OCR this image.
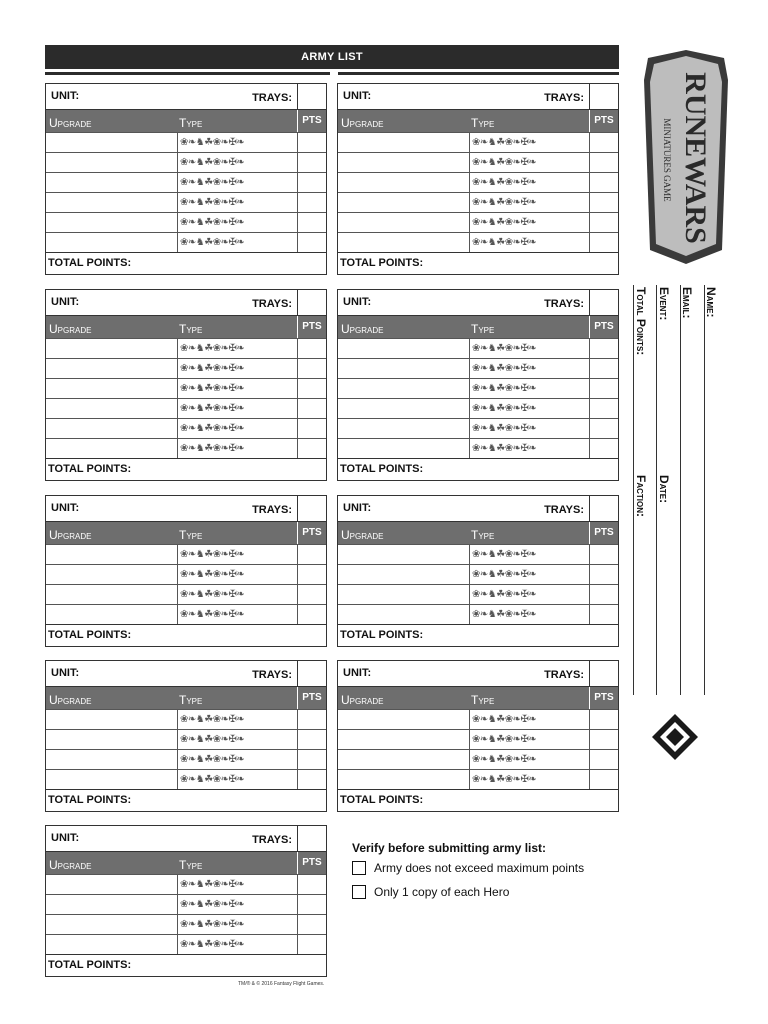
ARMY LIST
UNIT:	TRAYS:
Upgrade	Type	PTS
❀❧♞☘❀❧✠❧
❀❧♞☘❀❧✠❧
❀❧♞☘❀❧✠❧
❀❧♞☘❀❧✠❧
❀❧♞☘❀❧✠❧
❀❧♞☘❀❧✠❧
TOTAL POINTS:
UNIT:	TRAYS:
Upgrade	Type	PTS
❀❧♞☘❀❧✠❧
❀❧♞☘❀❧✠❧
❀❧♞☘❀❧✠❧
❀❧♞☘❀❧✠❧
❀❧♞☘❀❧✠❧
❀❧♞☘❀❧✠❧
TOTAL POINTS:
UNIT:	TRAYS:
Upgrade	Type	PTS
❀❧♞☘❀❧✠❧
❀❧♞☘❀❧✠❧
❀❧♞☘❀❧✠❧
❀❧♞☘❀❧✠❧
❀❧♞☘❀❧✠❧
❀❧♞☘❀❧✠❧
TOTAL POINTS:
UNIT:	TRAYS:
Upgrade	Type	PTS
❀❧♞☘❀❧✠❧
❀❧♞☘❀❧✠❧
❀❧♞☘❀❧✠❧
❀❧♞☘❀❧✠❧
❀❧♞☘❀❧✠❧
❀❧♞☘❀❧✠❧
TOTAL POINTS:
UNIT:	TRAYS:
Upgrade	Type	PTS
❀❧♞☘❀❧✠❧
❀❧♞☘❀❧✠❧
❀❧♞☘❀❧✠❧
❀❧♞☘❀❧✠❧
TOTAL POINTS:
UNIT:	TRAYS:
Upgrade	Type	PTS
❀❧♞☘❀❧✠❧
❀❧♞☘❀❧✠❧
❀❧♞☘❀❧✠❧
❀❧♞☘❀❧✠❧
TOTAL POINTS:
UNIT:	TRAYS:
Upgrade	Type	PTS
❀❧♞☘❀❧✠❧
❀❧♞☘❀❧✠❧
❀❧♞☘❀❧✠❧
❀❧♞☘❀❧✠❧
TOTAL POINTS:
UNIT:	TRAYS:
Upgrade	Type	PTS
❀❧♞☘❀❧✠❧
❀❧♞☘❀❧✠❧
❀❧♞☘❀❧✠❧
❀❧♞☘❀❧✠❧
TOTAL POINTS:
UNIT:	TRAYS:
Upgrade	Type	PTS
❀❧♞☘❀❧✠❧
❀❧♞☘❀❧✠❧
❀❧♞☘❀❧✠❧
❀❧♞☘❀❧✠❧
TOTAL POINTS:
RUNEWARS
MINIATURES GAME
Name:
Email:
Event:
Date:
Total Points:
Faction:
Verify before submitting army list:
Army does not exceed maximum points
Only 1 copy of each Hero
TM/® & © 2016 Fantasy Flight Games.
